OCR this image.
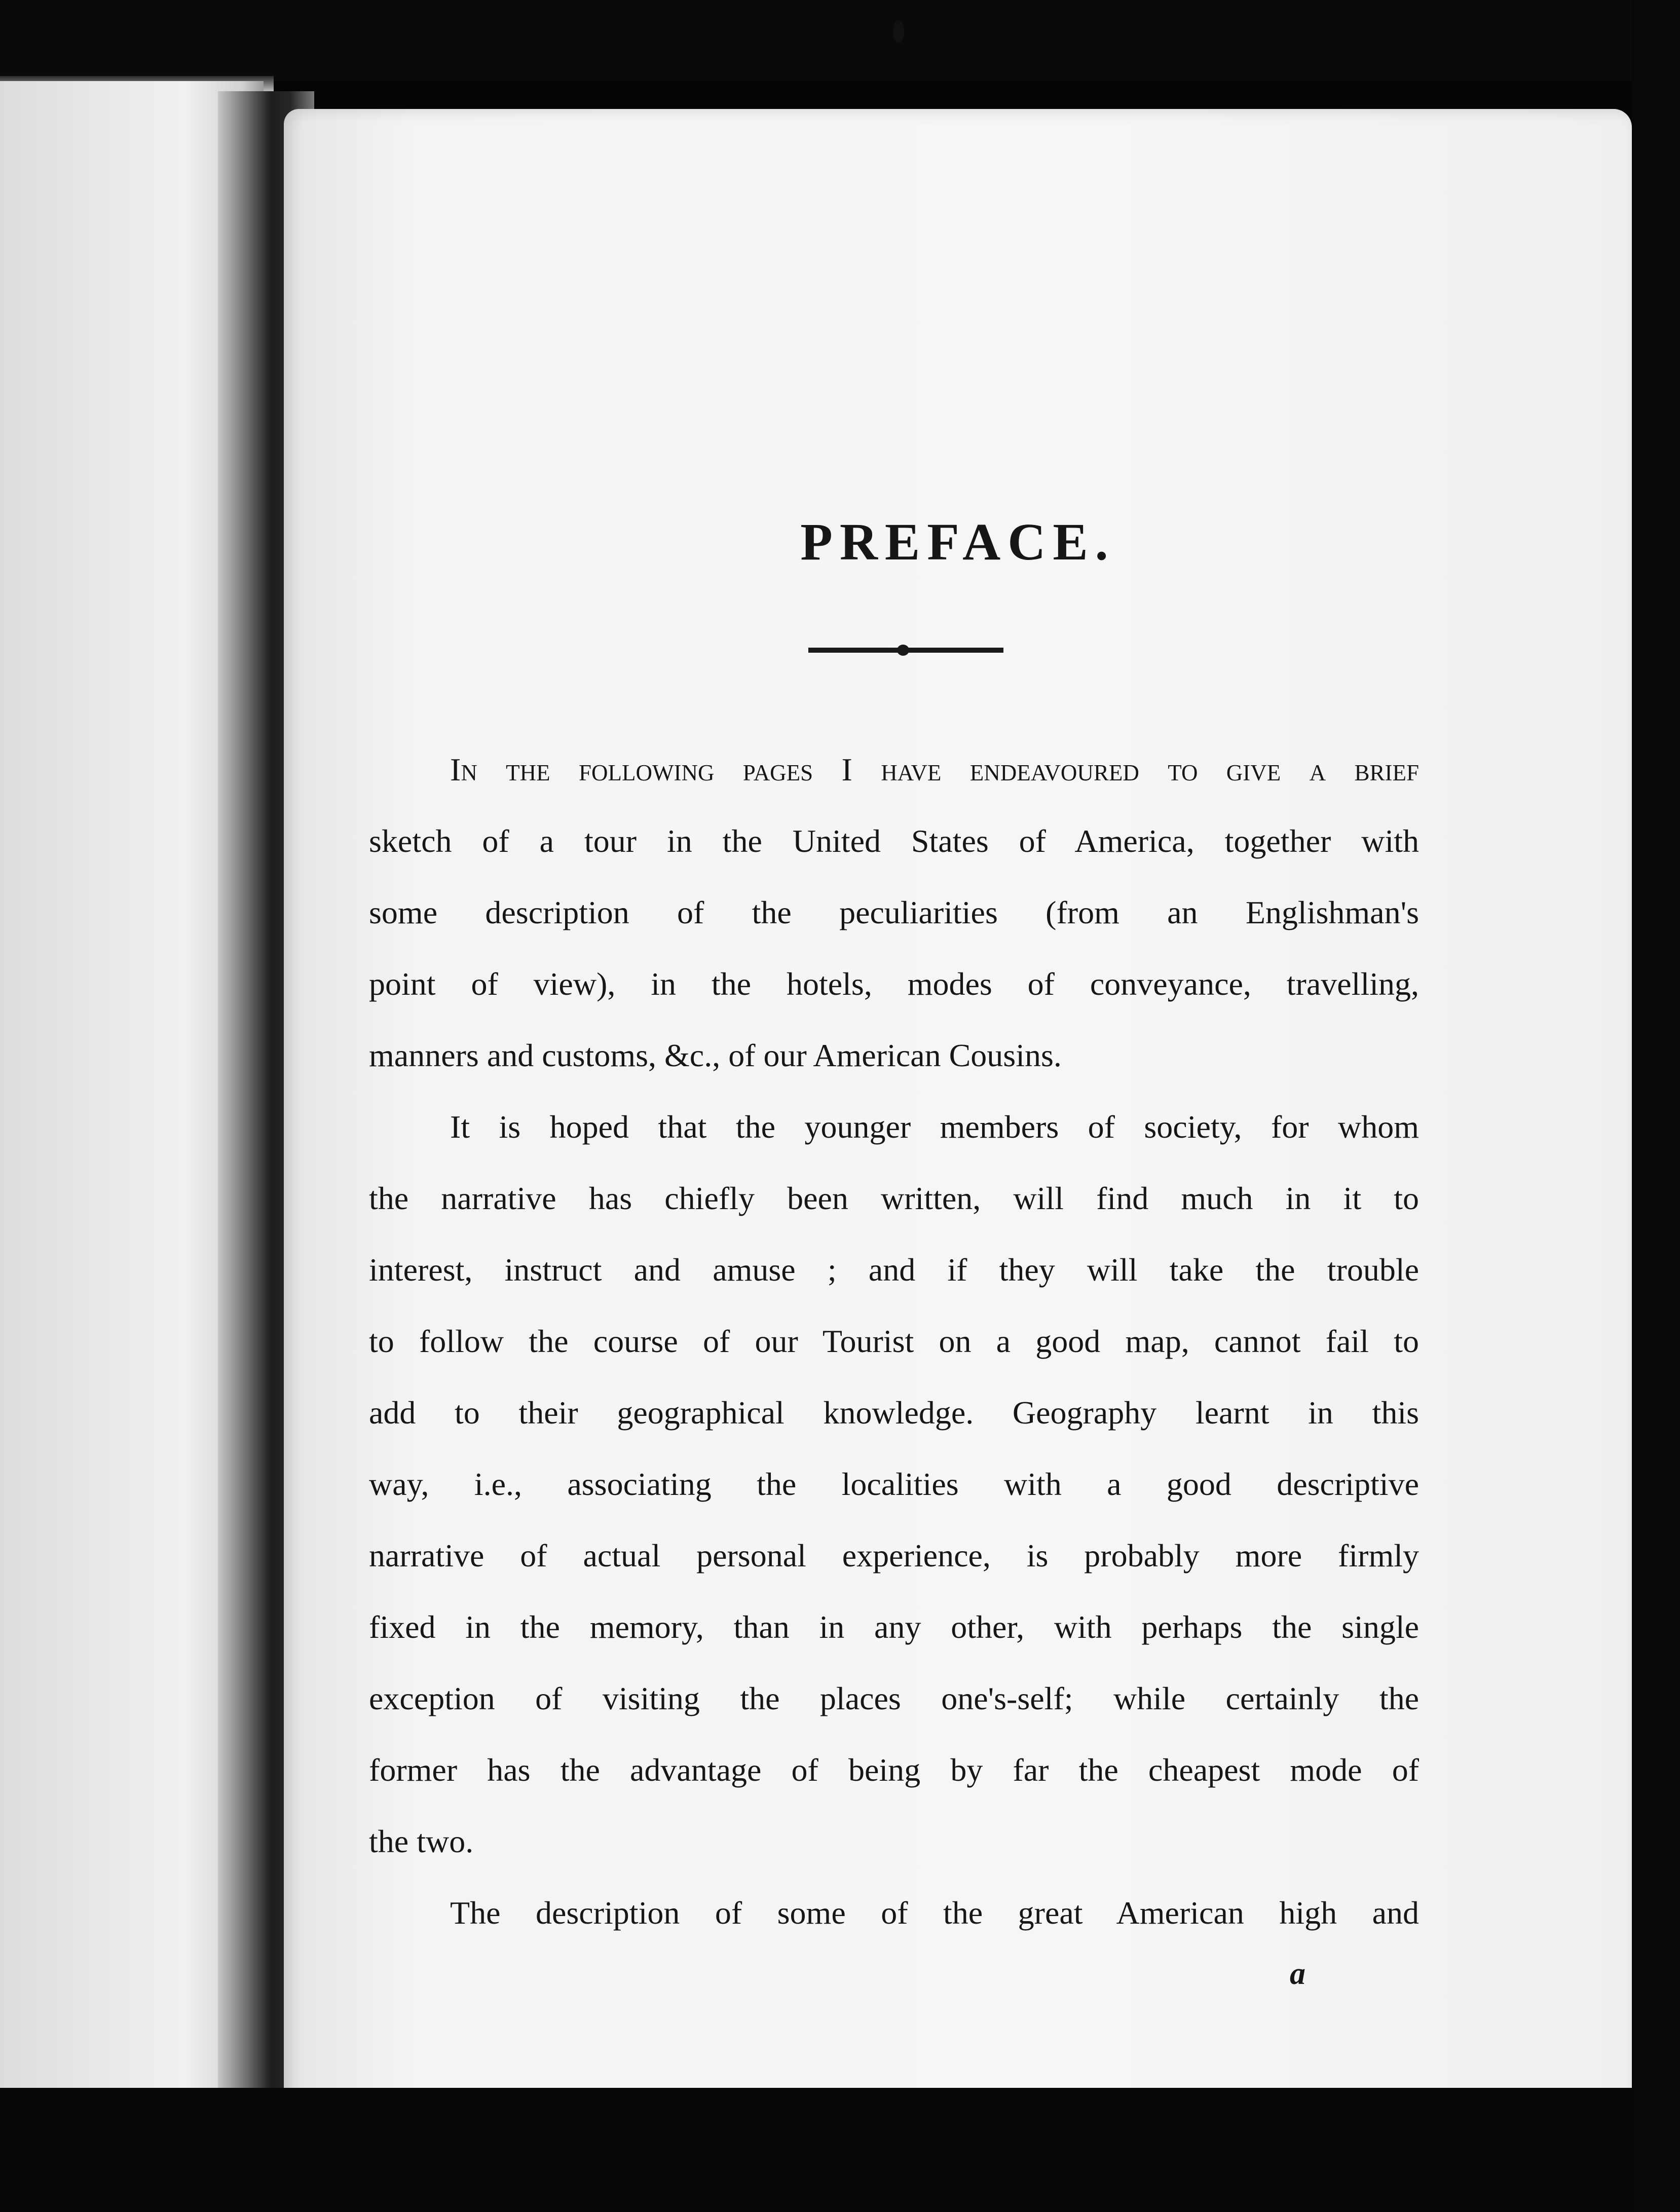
PREFACE.
In the following pages I have endeavoured to give a brief
sketch of a tour in the United States of America, together with
some description of the peculiarities (from an Englishman's
point of view), in the hotels, modes of conveyance, travelling,
manners and customs, &c., of our American Cousins.
It is hoped that the younger members of society, for whom
the narrative has chiefly been written, will find much in it to
interest, instruct and amuse ; and if they will take the trouble
to follow the course of our Tourist on a good map, cannot fail to
add to their geographical knowledge. Geography learnt in this
way, i.e., associating the localities with a good descriptive
narrative of actual personal experience, is probably more firmly
fixed in the memory, than in any other, with perhaps the single
exception of visiting the places one's-self; while certainly the
former has the advantage of being by far the cheapest mode of
the two.
The description of some of the great American high and
a
